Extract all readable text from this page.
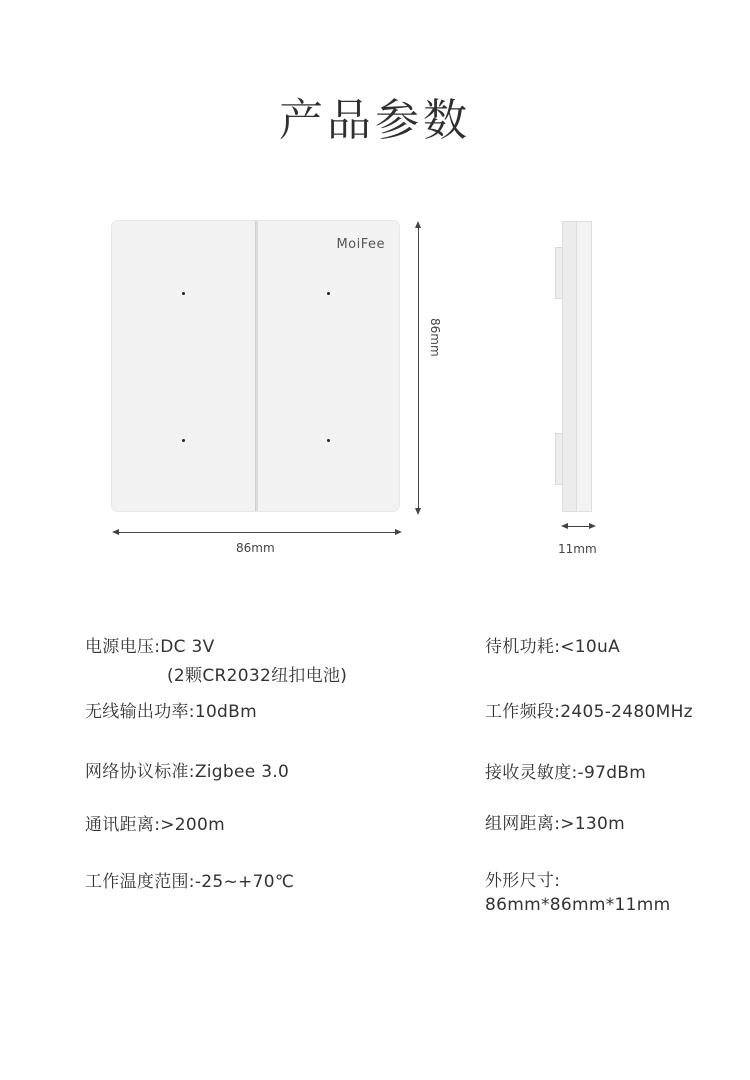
产品参数
MoiFee
86mm
86mm	11mm
电源电压:DC 3V
(2颗CR2032纽扣电池)
无线输出功率:10dBm
网络协议标准:Zigbee 3.0
通讯距离:>200m
工作温度范围:-25~+70℃
待机功耗:<10uA
工作频段:2405-2480MHz
接收灵敏度:-97dBm
组网距离:>130m
外形尺寸:
86mm*86mm*11mm
